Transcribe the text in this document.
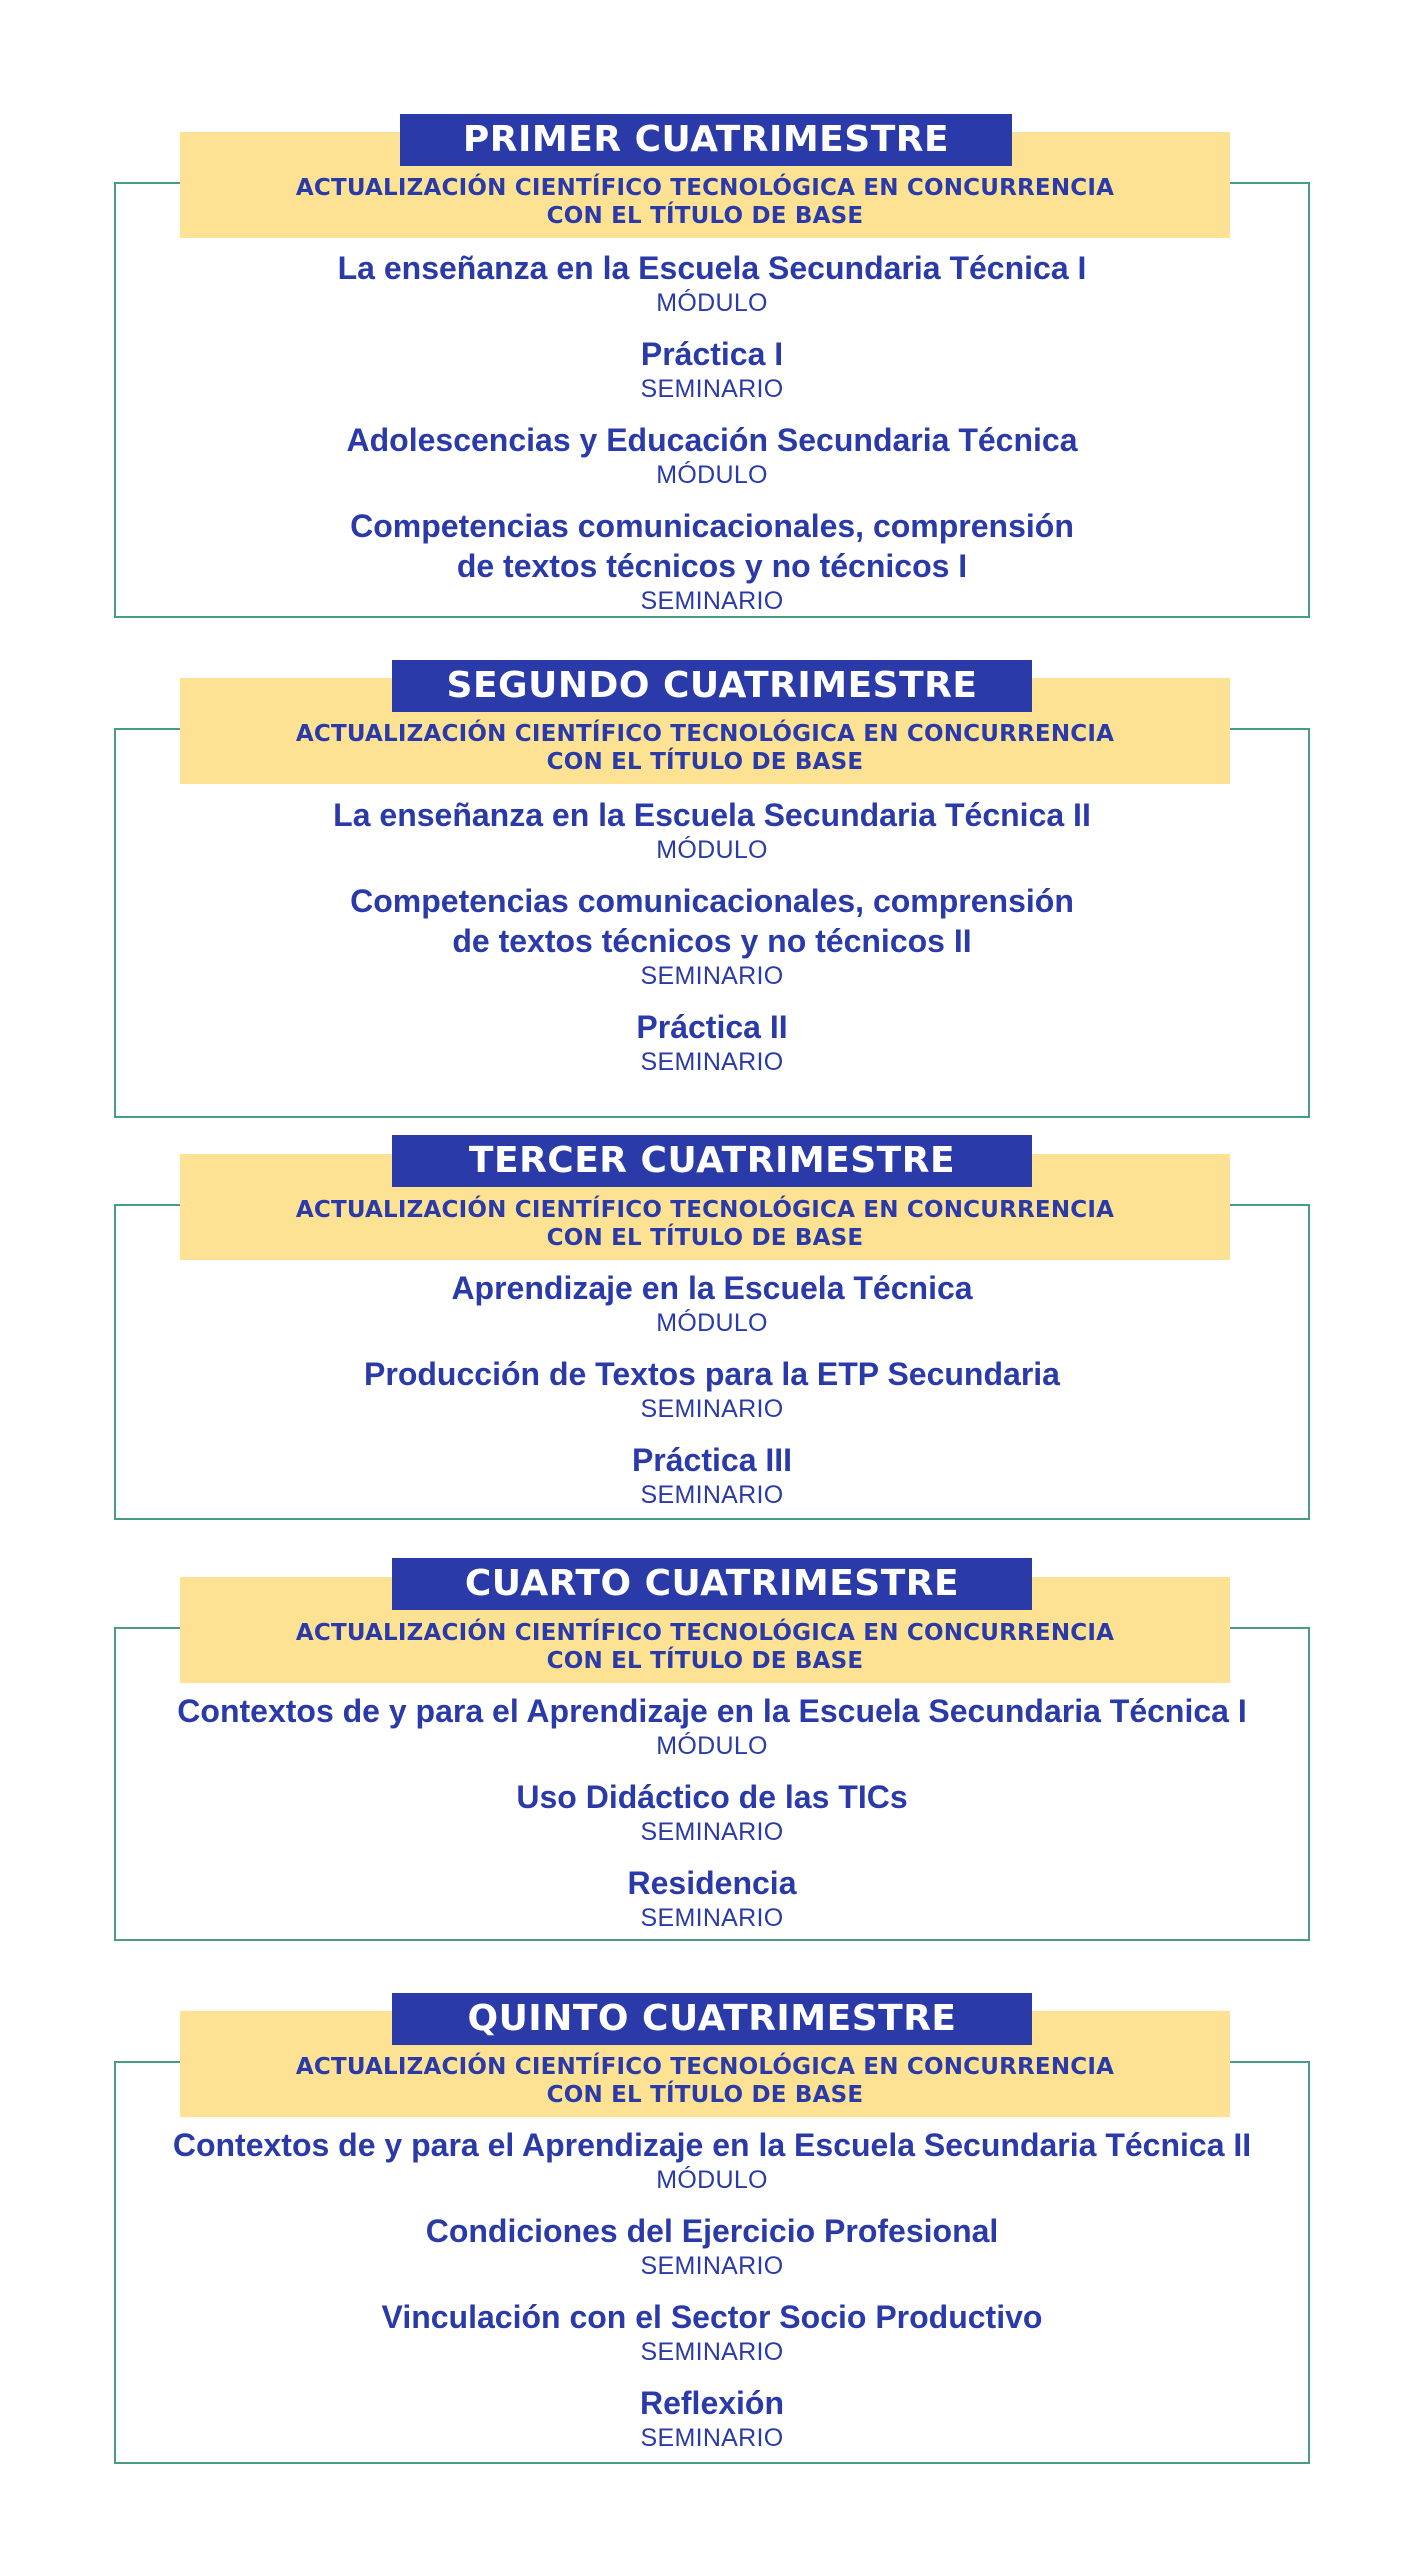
ACTUALIZACIÓN CIENTÍFICO TECNOLÓGICA EN CONCURRENCIA
CON EL TÍTULO DE BASE
PRIMER CUATRIMESTRE
La enseñanza en la Escuela Secundaria Técnica I
MÓDULO
Práctica I
SEMINARIO
Adolescencias y Educación Secundaria Técnica
MÓDULO
Competencias comunicacionales, comprensión
de textos técnicos y no técnicos I
SEMINARIO
ACTUALIZACIÓN CIENTÍFICO TECNOLÓGICA EN CONCURRENCIA
CON EL TÍTULO DE BASE
SEGUNDO CUATRIMESTRE
La enseñanza en la Escuela Secundaria Técnica II
MÓDULO
Competencias comunicacionales, comprensión
de textos técnicos y no técnicos II
SEMINARIO
Práctica II
SEMINARIO
ACTUALIZACIÓN CIENTÍFICO TECNOLÓGICA EN CONCURRENCIA
CON EL TÍTULO DE BASE
TERCER CUATRIMESTRE
Aprendizaje en la Escuela Técnica
MÓDULO
Producción de Textos para la ETP Secundaria
SEMINARIO
Práctica III
SEMINARIO
ACTUALIZACIÓN CIENTÍFICO TECNOLÓGICA EN CONCURRENCIA
CON EL TÍTULO DE BASE
CUARTO CUATRIMESTRE
Contextos de y para el Aprendizaje en la Escuela Secundaria Técnica I
MÓDULO
Uso Didáctico de las TICs
SEMINARIO
Residencia
SEMINARIO
ACTUALIZACIÓN CIENTÍFICO TECNOLÓGICA EN CONCURRENCIA
CON EL TÍTULO DE BASE
QUINTO CUATRIMESTRE
Contextos de y para el Aprendizaje en la Escuela Secundaria Técnica II
MÓDULO
Condiciones del Ejercicio Profesional
SEMINARIO
Vinculación con el Sector Socio Productivo
SEMINARIO
Reflexión
SEMINARIO
